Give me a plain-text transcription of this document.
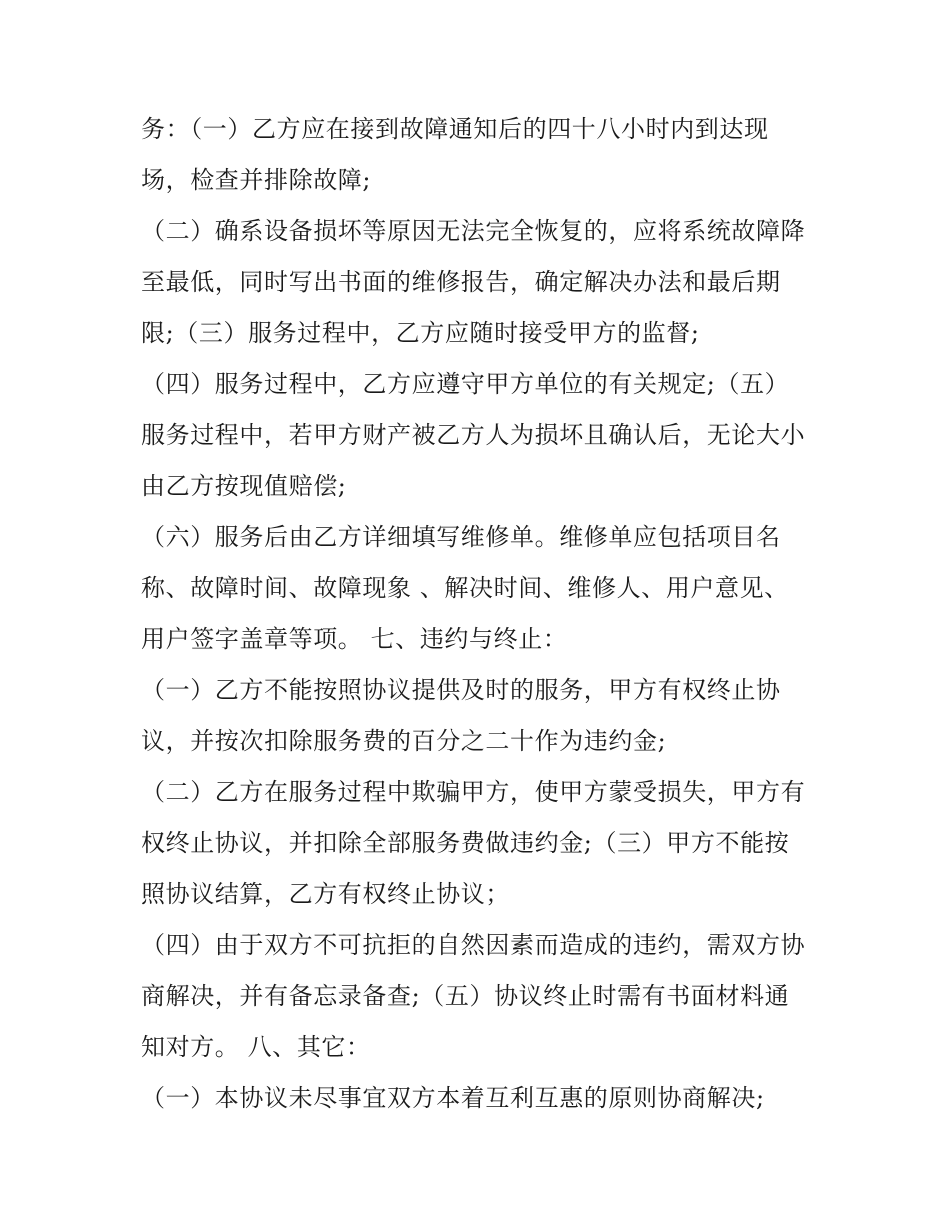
务：（一）乙方应在接到故障通知后的四十八小时内到达现
场，检查并排除故障;
（二）确系设备损坏等原因无法完全恢复的，应将系统故障降
至最低，同时写出书面的维修报告，确定解决办法和最后期
限;（三）服务过程中，乙方应随时接受甲方的监督;
（四）服务过程中，乙方应遵守甲方单位的有关规定;（五）
服务过程中，若甲方财产被乙方人为损坏且确认后，无论大小
由乙方按现值赔偿;
（六）服务后由乙方详细填写维修单。维修单应包括项目名
称、故障时间、故障现象 、解决时间、维修人、用户意见、
用户签字盖章等项。 七、违约与终止：
（一）乙方不能按照协议提供及时的服务，甲方有权终止协
议，并按次扣除服务费的百分之二十作为违约金;
（二）乙方在服务过程中欺骗甲方，使甲方蒙受损失，甲方有
权终止协议，并扣除全部服务费做违约金;（三）甲方不能按
照协议结算，乙方有权终止协议；
（四）由于双方不可抗拒的自然因素而造成的违约，需双方协
商解决，并有备忘录备查;（五）协议终止时需有书面材料通
知对方。 八、其它：
（一）本协议未尽事宜双方本着互利互惠的原则协商解决;
